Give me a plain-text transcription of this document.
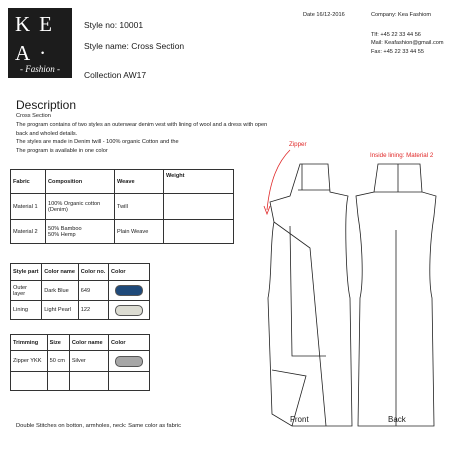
KE
A·
- Fashion -
Style no: 10001
Style name: Cross Section
Collection AW17
Date 16/12-2016	Company: Kea Fashiom
Tlf: +45 22 33 44 56
Mail: Keafashion@gmail.com
Fax: +45 22 33 44 55
Description
Cross Section
The program contains of two styles an outerwear denim vest with lining of wool and a dress with open back and wholed details.
The styles are made in Denim twill - 100% organic Cotton and the
The program is available in one color
Fabric	Composition	Weave	Weight
Material 1	100% Organic cotton
(Denim)	Twill	
Material 2	50% Bamboo
50% Hemp	Plain Weave	
Style part	Color name	Color no.	Color

Outer
layer	Dark Blue	649	

Lining	Light Pearl	122	
Trimming	Size	Color name	Color
Zipper YKK	50 cm	Silver	

Zipper
Inside lining: Material 2
Front	Back
Double Stitches on botton, armholes, neck: Same color as fabric
